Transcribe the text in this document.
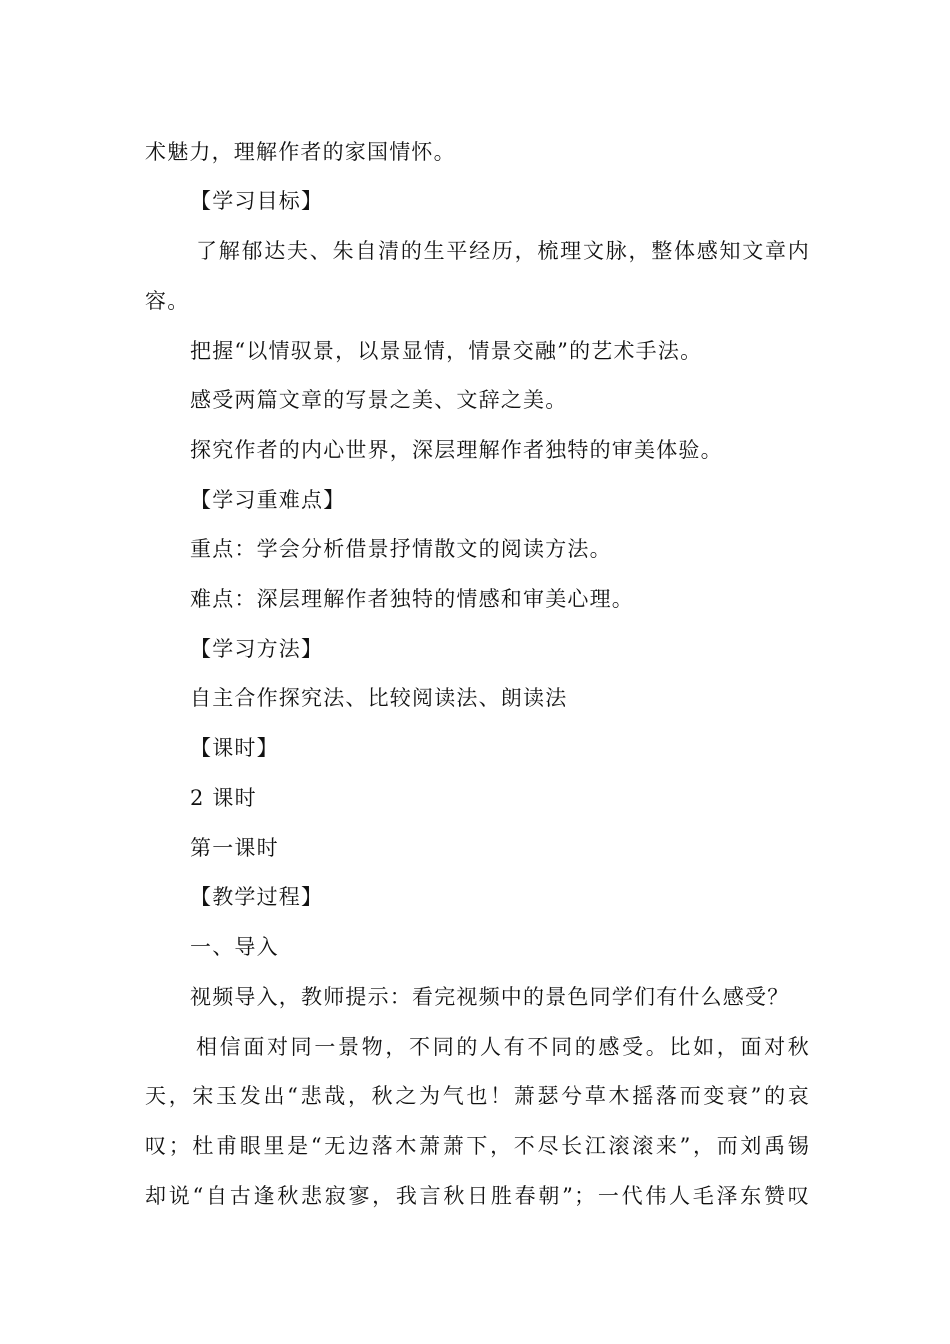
术魅力，理解作者的家国情怀。
【学习目标】
了解郁达夫、朱自清的生平经历，梳理文脉，整体感知文章内
容。
把握“以情驭景，以景显情，情景交融”的艺术手法。
感受两篇文章的写景之美、文辞之美。
探究作者的内心世界，深层理解作者独特的审美体验。
【学习重难点】
重点：学会分析借景抒情散文的阅读方法。
难点：深层理解作者独特的情感和审美心理。
【学习方法】
自主合作探究法、比较阅读法、朗读法
【课时】
2 课时
第一课时
【教学过程】
一、导入
视频导入，教师提示：看完视频中的景色同学们有什么感受？
相信面对同一景物，不同的人有不同的感受。比如，面对秋
天，宋玉发出“悲哉，秋之为气也！萧瑟兮草木摇落而变衰”的哀
叹；杜甫眼里是“无边落木萧萧下，不尽长江滚滚来”，而刘禹锡
却说“自古逢秋悲寂寥，我言秋日胜春朝”；一代伟人毛泽东赞叹
